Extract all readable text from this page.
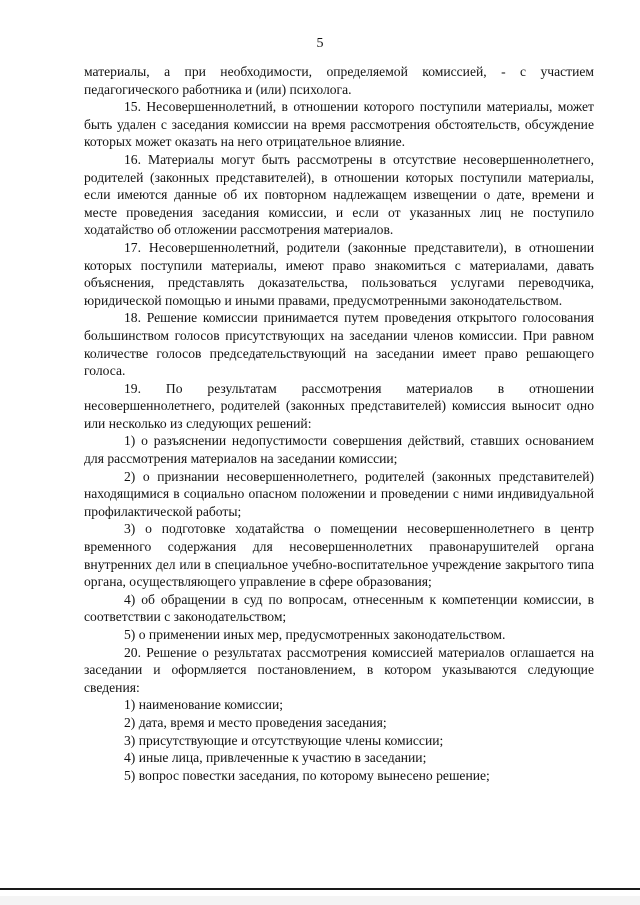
5

материалы, а при необходимости, определяемой комиссией, - с участием педагогического работника и (или) психолога.

15. Несовершеннолетний, в отношении которого поступили материалы, может быть удален с заседания комиссии на время рассмотрения обстоятельств, обсуждение которых может оказать на него отрицательное влияние.

16. Материалы могут быть рассмотрены в отсутствие несовершеннолетнего, родителей (законных представителей), в отношении которых поступили материалы, если имеются данные об их повторном надлежащем извещении о дате, времени и месте проведения заседания комиссии, и если от указанных лиц не поступило ходатайство об отложении рассмотрения материалов.

17. Несовершеннолетний, родители (законные представители), в отношении которых поступили материалы, имеют право знакомиться с материалами, давать объяснения, представлять доказательства, пользоваться услугами переводчика, юридической помощью и иными правами, предусмотренными законодательством.

18. Решение комиссии принимается путем проведения открытого голосования большинством голосов присутствующих на заседании членов комиссии. При равном количестве голосов председательствующий на заседании имеет право решающего голоса.

19. По результатам рассмотрения материалов в отношении несовершеннолетнего, родителей (законных представителей) комиссия выносит одно или несколько из следующих решений:

1) о разъяснении недопустимости совершения действий, ставших основанием для рассмотрения материалов на заседании комиссии;

2) о признании несовершеннолетнего, родителей (законных представителей) находящимися в социально опасном положении и проведении с ними индивидуальной профилактической работы;

3) о подготовке ходатайства о помещении несовершеннолетнего в центр временного содержания для несовершеннолетних правонарушителей органа внутренних дел или в специальное учебно-воспитательное учреждение закрытого типа органа, осуществляющего управление в сфере образования;

4) об обращении в суд по вопросам, отнесенным к компетенции комиссии, в соответствии с законодательством;

5) о применении иных мер, предусмотренных законодательством.

20. Решение о результатах рассмотрения комиссией материалов оглашается на заседании и оформляется постановлением, в котором указываются следующие сведения:

1) наименование комиссии;

2) дата, время и место проведения заседания;

3) присутствующие и отсутствующие члены комиссии;

4) иные лица, привлеченные к участию в заседании;

5) вопрос повестки заседания, по которому вынесено решение;
